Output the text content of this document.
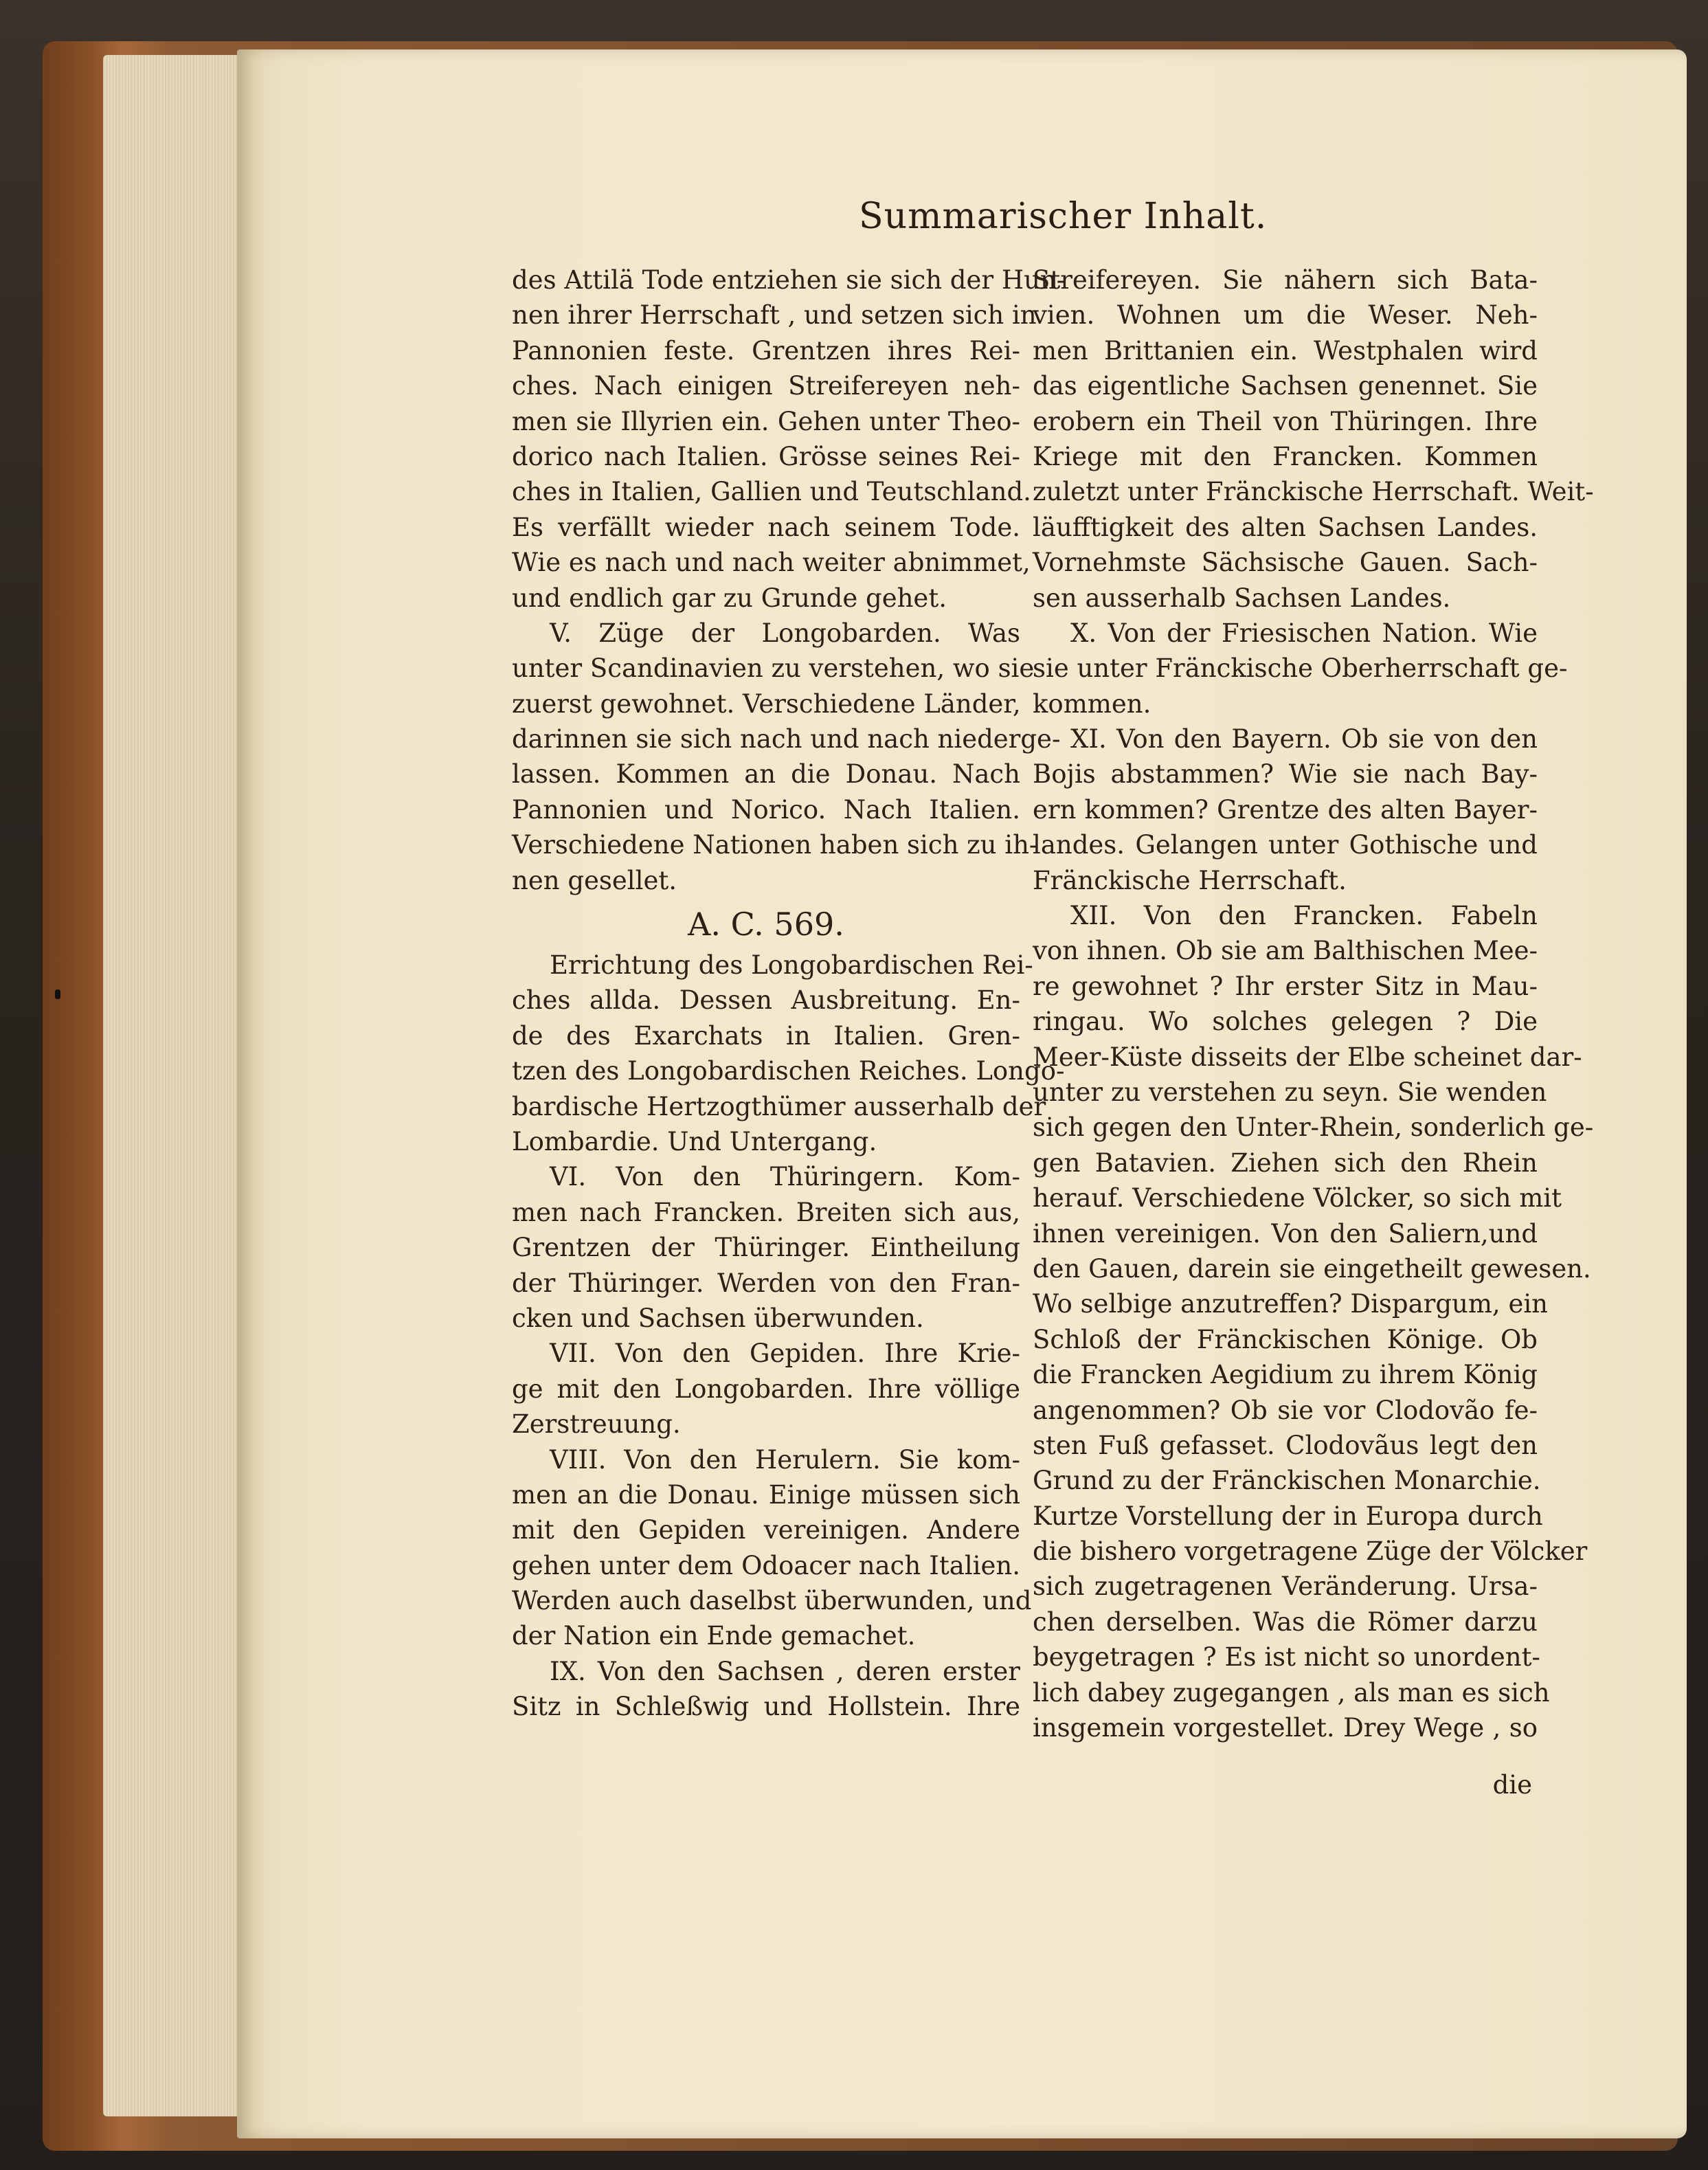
Summarischer Inhalt.
des Attilä Tode entziehen sie sich der Hun-
nen ihrer Herrschaft , und setzen sich in
Pannonien feste. Grentzen ihres Rei-
ches. Nach einigen Streifereyen neh-
men sie Illyrien ein. Gehen unter Theo-
dorico nach Italien. Grösse seines Rei-
ches in Italien, Gallien und Teutschland.
Es verfällt wieder nach seinem Tode.
Wie es nach und nach weiter abnimmet,
und endlich gar zu Grunde gehet.
V. Züge der Longobarden. Was
unter Scandinavien zu verstehen, wo sie
zuerst gewohnet. Verschiedene Länder,
darinnen sie sich nach und nach niederge-
lassen. Kommen an die Donau. Nach
Pannonien und Norico. Nach Italien.
Verschiedene Nationen haben sich zu ih-
nen gesellet.
A. C. 569.
Errichtung des Longobardischen Rei-
ches allda. Dessen Ausbreitung. En-
de des Exarchats in Italien. Gren-
tzen des Longobardischen Reiches. Longo-
bardische Hertzogthümer ausserhalb der
Lombardie. Und Untergang.
VI. Von den Thüringern. Kom-
men nach Francken. Breiten sich aus,
Grentzen der Thüringer. Eintheilung
der Thüringer. Werden von den Fran-
cken und Sachsen überwunden.
VII. Von den Gepiden. Ihre Krie-
ge mit den Longobarden. Ihre völlige
Zerstreuung.
VIII. Von den Herulern. Sie kom-
men an die Donau. Einige müssen sich
mit den Gepiden vereinigen. Andere
gehen unter dem Odoacer nach Italien.
Werden auch daselbst überwunden, und
der Nation ein Ende gemachet.
IX. Von den Sachsen , deren erster
Sitz in Schleßwig und Hollstein. Ihre
Streifereyen. Sie nähern sich Bata-
vien. Wohnen um die Weser. Neh-
men Brittanien ein. Westphalen wird
das eigentliche Sachsen genennet. Sie
erobern ein Theil von Thüringen. Ihre
Kriege mit den Francken. Kommen
zuletzt unter Fränckische Herrschaft. Weit-
läufftigkeit des alten Sachsen Landes.
Vornehmste Sächsische Gauen. Sach-
sen ausserhalb Sachsen Landes.
X. Von der Friesischen Nation. Wie
sie unter Fränckische Oberherrschaft ge-
kommen.
XI. Von den Bayern. Ob sie von den
Bojis abstammen? Wie sie nach Bay-
ern kommen? Grentze des alten Bayer-
landes. Gelangen unter Gothische und
Fränckische Herrschaft.
XII. Von den Francken. Fabeln
von ihnen. Ob sie am Balthischen Mee-
re gewohnet ? Ihr erster Sitz in Mau-
ringau. Wo solches gelegen ? Die
Meer-Küste disseits der Elbe scheinet dar-
unter zu verstehen zu seyn. Sie wenden
sich gegen den Unter-Rhein, sonderlich ge-
gen Batavien. Ziehen sich den Rhein
herauf. Verschiedene Völcker, so sich mit
ihnen vereinigen. Von den Saliern,und
den Gauen, darein sie eingetheilt gewesen.
Wo selbige anzutreffen? Dispargum, ein
Schloß der Fränckischen Könige. Ob
die Francken Aegidium zu ihrem König
angenommen? Ob sie vor Clodovão fe-
sten Fuß gefasset. Clodovãus legt den
Grund zu der Fränckischen Monarchie.
Kurtze Vorstellung der in Europa durch
die bishero vorgetragene Züge der Völcker
sich zugetragenen Veränderung. Ursa-
chen derselben. Was die Römer darzu
beygetragen ? Es ist nicht so unordent-
lich dabey zugegangen , als man es sich
insgemein vorgestellet. Drey Wege , so
die
